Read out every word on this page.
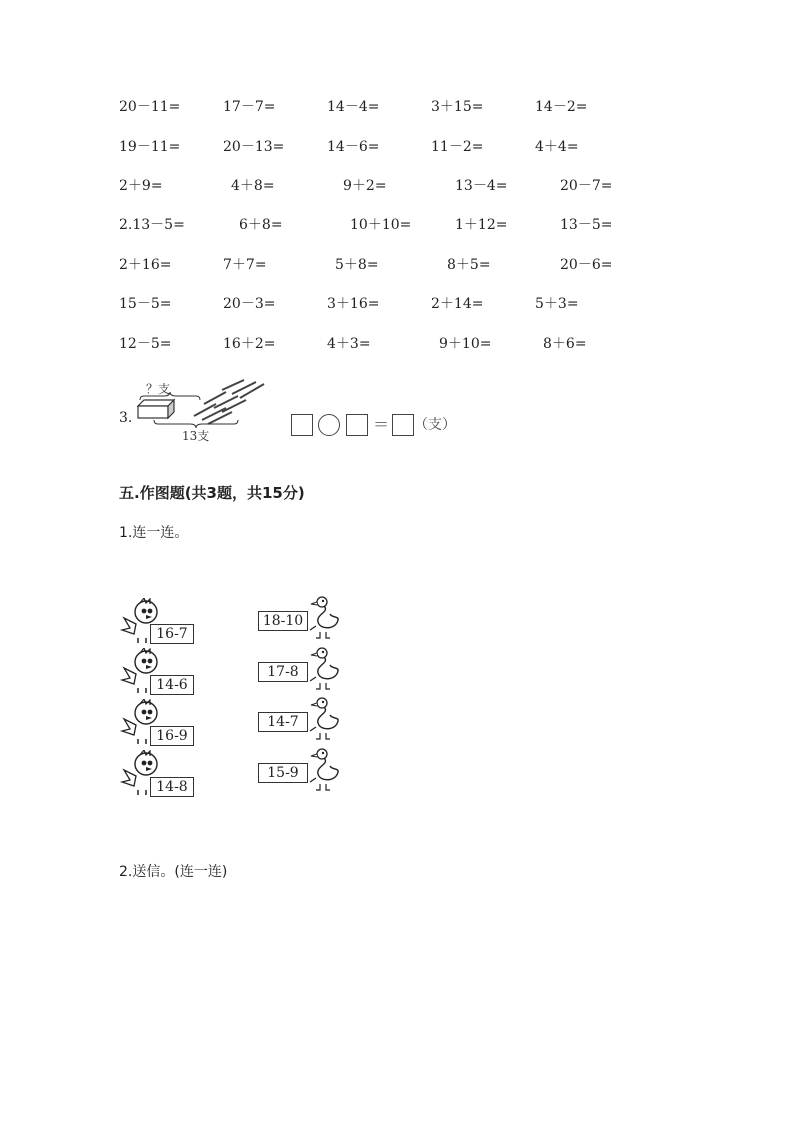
20－11=	17－7=	14－4=	3＋15=	14－2=
19－11=	20－13=	14－6=	11－2=	4＋4=
2＋9=	4＋8=	9＋2=	13－4=	20－7=
2.13－5=	6＋8=	10＋10=	1＋12=	13－5=
2＋16=	7＋7=	5＋8=	8＋5=	20－6=
15－5=	20－3=	3＋16=	2＋14=	5＋3=
12－5=	16＋2=	4＋3=	9＋10=	8＋6=
3.
？支
13支
＝ （支）
五.作图题(共3题，共15分)
1.连一连。
16-7
14-6
16-9
14-8
18-10
17-8
14-7
15-9
2.送信。(连一连)
